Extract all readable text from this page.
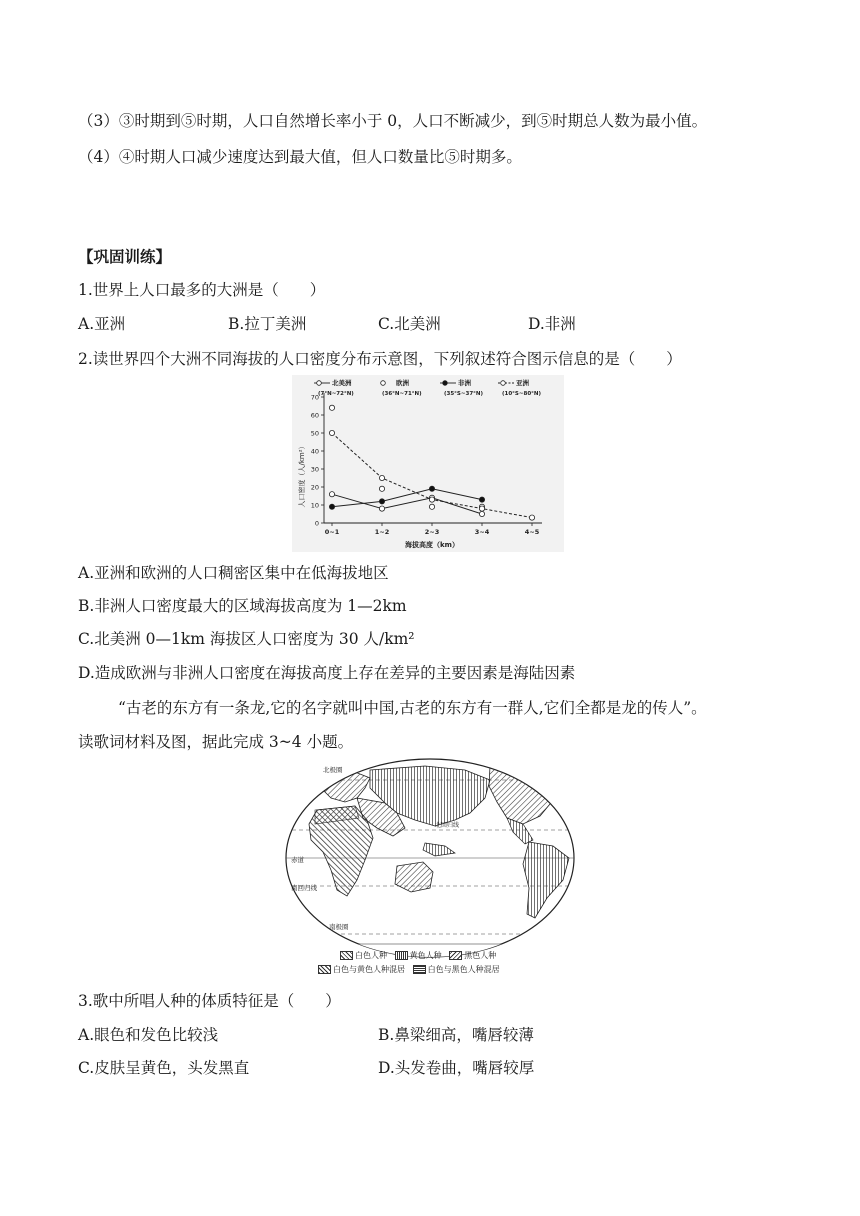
（3）③时期到⑤时期，人口自然增长率小于 0，人口不断减少，到⑤时期总人数为最小值。
（4）④时期人口减少速度达到最大值，但人口数量比⑤时期多。
【巩固训练】
1.世界上人口最多的大洲是（　　）
A.亚洲	B.拉丁美洲	C.北美洲	D.非洲
2.读世界四个大洲不同海拔的人口密度分布示意图，下列叙述符合图示信息的是（　　）
北美洲
(7°N~72°N)
欧洲
(36°N~71°N)
非洲
(35°S~37°N)
亚洲
(10°S~80°N)
0
10
20
30
40
50
60
70
0~1	1~2	2~3	3~4	4~5
人口密度（人/km²）
海拔高度（km）
A.亚洲和欧洲的人口稠密区集中在低海拔地区
B.非洲人口密度最大的区域海拔高度为 1—2km
C.北美洲 0—1km 海拔区人口密度为 30 人/km²
D.造成欧洲与非洲人口密度在海拔高度上存在差异的主要因素是海陆因素
“古老的东方有一条龙,它的名字就叫中国,古老的东方有一群人,它们全都是龙的传人”。
读歌词材料及图，据此完成 3~4 小题。
北极圈
北回归线
赤道
南回归线
南极圈
白色人种	黄色人种	黑色人种
白色与黄色人种混居	白色与黑色人种混居
3.歌中所唱人种的体质特征是（　　）
A.眼色和发色比较浅	B.鼻梁细高，嘴唇较薄
C.皮肤呈黄色，头发黑直	D.头发卷曲，嘴唇较厚
